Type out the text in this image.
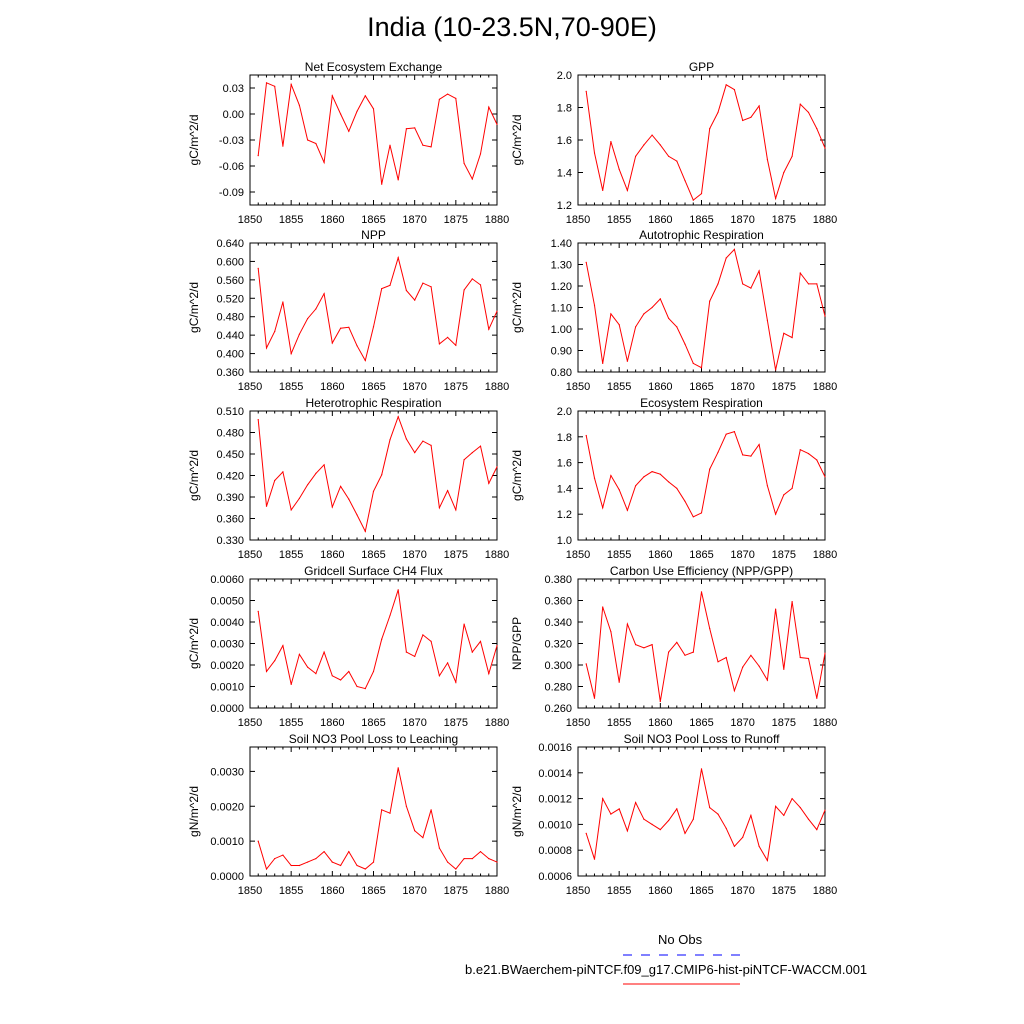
India (10-23.5N,70-90E)
Net Ecosystem Exchange
gC/m^2/d
1850 1855 1860 1865 1870 1875 1880
0.03
0.00
-0.03
-0.06
-0.09
GPP
gC/m^2/d
1850 1855 1860 1865 1870 1875 1880
2.0
1.8
1.6
1.4
1.2
NPP
gC/m^2/d
1850 1855 1860 1865 1870 1875 1880
0.640
0.600
0.560
0.520
0.480
0.440
0.400
0.360
Autotrophic Respiration
gC/m^2/d
1850 1855 1860 1865 1870 1875 1880
1.40
1.30
1.20
1.10
1.00
0.90
0.80
Heterotrophic Respiration
gC/m^2/d
1850 1855 1860 1865 1870 1875 1880
0.510
0.480
0.450
0.420
0.390
0.360
0.330
Ecosystem Respiration
gC/m^2/d
1850 1855 1860 1865 1870 1875 1880
2.0
1.8
1.6
1.4
1.2
1.0
Gridcell Surface CH4 Flux
gC/m^2/d
1850 1855 1860 1865 1870 1875 1880
0.0060
0.0050
0.0040
0.0030
0.0020
0.0010
0.0000
Carbon Use Efficiency (NPP/GPP)
NPP/GPP
1850 1855 1860 1865 1870 1875 1880
0.380
0.360
0.340
0.320
0.300
0.280
0.260
Soil NO3 Pool Loss to Leaching
gN/m^2/d
1850 1855 1860 1865 1870 1875 1880
0.0030
0.0020
0.0010
0.0000
Soil NO3 Pool Loss to Runoff
gN/m^2/d
1850 1855 1860 1865 1870 1875 1880
0.0016
0.0014
0.0012
0.0010
0.0008
0.0006
No Obs
b.e21.BWaerchem-piNTCF.f09_g17.CMIP6-hist-piNTCF-WACCM.001
